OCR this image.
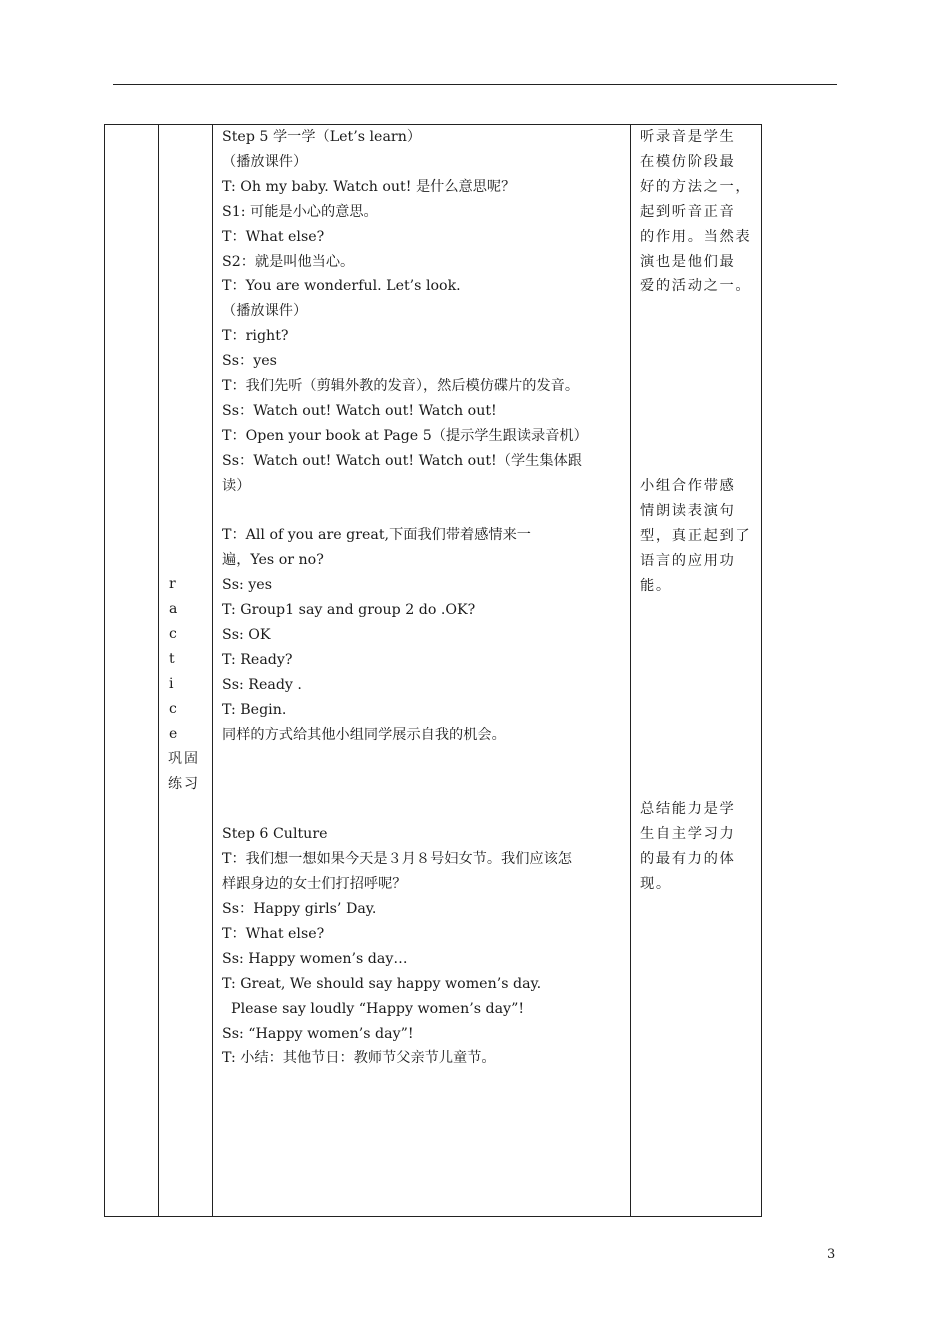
r
a
c
t
i
c
e
巩固
练习
Step 5 学一学（Let’s learn）
（播放课件）
T: Oh my baby. Watch out! 是什么意思呢？
S1: 可能是小心的意思。
T：What else?
S2：就是叫他当心。
T：You are wonderful. Let’s look.
（播放课件）
T：right?
Ss：yes
T：我们先听（剪辑外教的发音），然后模仿碟片的发音。
Ss：Watch out! Watch out! Watch out!
T：Open your book at Page 5（提示学生跟读录音机）
Ss：Watch out! Watch out! Watch out!（学生集体跟
读）
T：All of you are great,下面我们带着感情来一
遍，Yes or no?
Ss: yes
T: Group1 say and group 2 do .OK?
Ss: OK
T: Ready?
Ss: Ready .
T: Begin.
同样的方式给其他小组同学展示自我的机会。
Step 6 Culture
T：我们想一想如果今天是３月８号妇女节。我们应该怎
样跟身边的女士们打招呼呢？
Ss：Happy girls’ Day.
T：What else?
Ss: Happy women’s day…
T: Great, We should say happy women’s day.
Please say loudly “Happy women’s day”!
Ss: “Happy women’s day”!
T: 小结：其他节日：教师节父亲节儿童节。
听录音是学生
在模仿阶段最
好的方法之一，
起到听音正音
的作用。当然表
演也是他们最
爱的活动之一。
小组合作带感
情朗读表演句
型，真正起到了
语言的应用功
能。
总结能力是学
生自主学习力
的最有力的体
现。
3
